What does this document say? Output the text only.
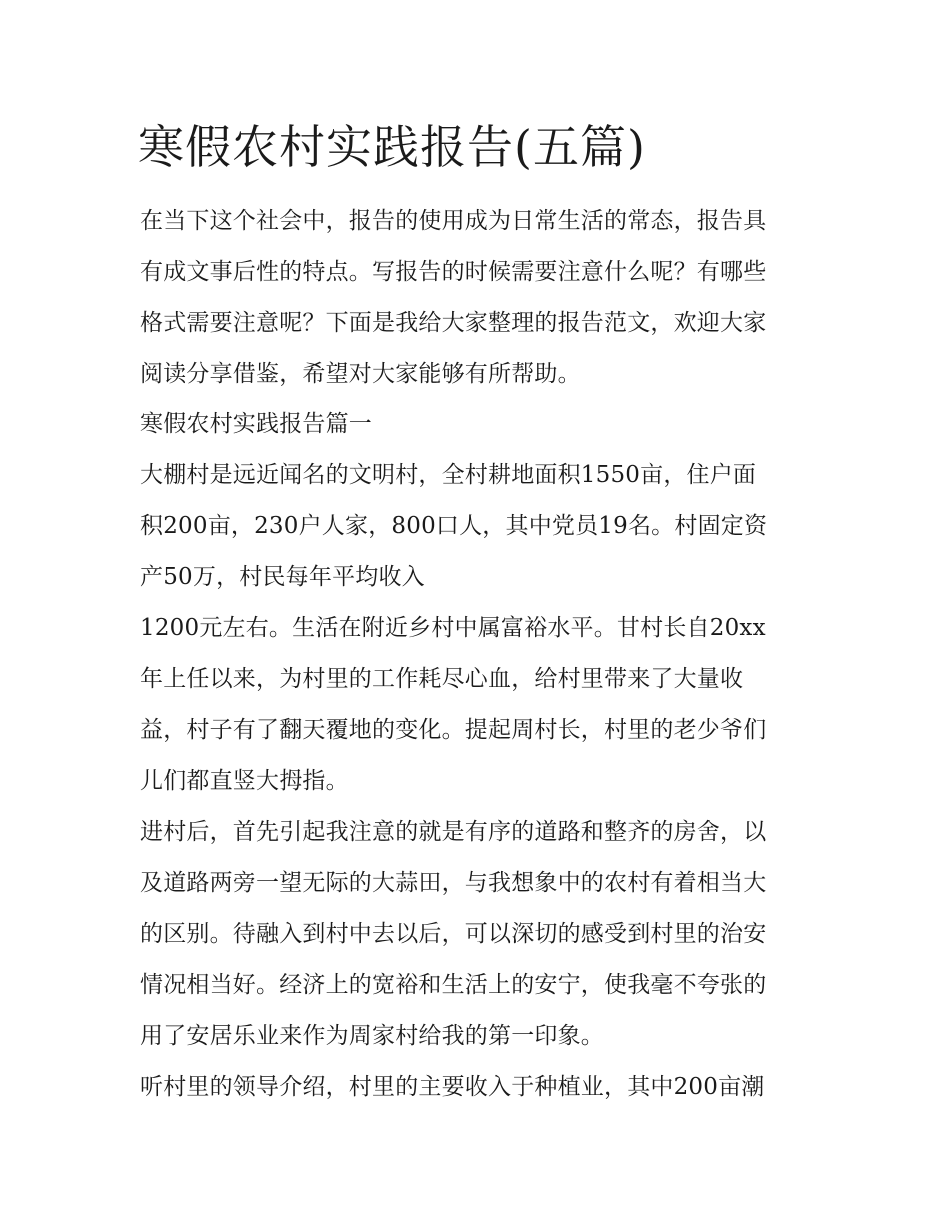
寒假农村实践报告(五篇)
在当下这个社会中，报告的使用成为日常生活的常态，报告具
有成文事后性的特点。写报告的时候需要注意什么呢？有哪些
格式需要注意呢？下面是我给大家整理的报告范文，欢迎大家
阅读分享借鉴，希望对大家能够有所帮助。
寒假农村实践报告篇一
大棚村是远近闻名的文明村，全村耕地面积1550亩，住户面
积200亩，230户人家，800口人，其中党员19名。村固定资
产50万，村民每年平均收入
1200元左右。生活在附近乡村中属富裕水平。甘村长自20xx
年上任以来，为村里的工作耗尽心血，给村里带来了大量收
益，村子有了翻天覆地的变化。提起周村长，村里的老少爷们
儿们都直竖大拇指。
进村后，首先引起我注意的就是有序的道路和整齐的房舍，以
及道路两旁一望无际的大蒜田，与我想象中的农村有着相当大
的区别。待融入到村中去以后，可以深切的感受到村里的治安
情况相当好。经济上的宽裕和生活上的安宁，使我毫不夸张的
用了安居乐业来作为周家村给我的第一印象。
听村里的领导介绍，村里的主要收入于种植业，其中200亩潮
